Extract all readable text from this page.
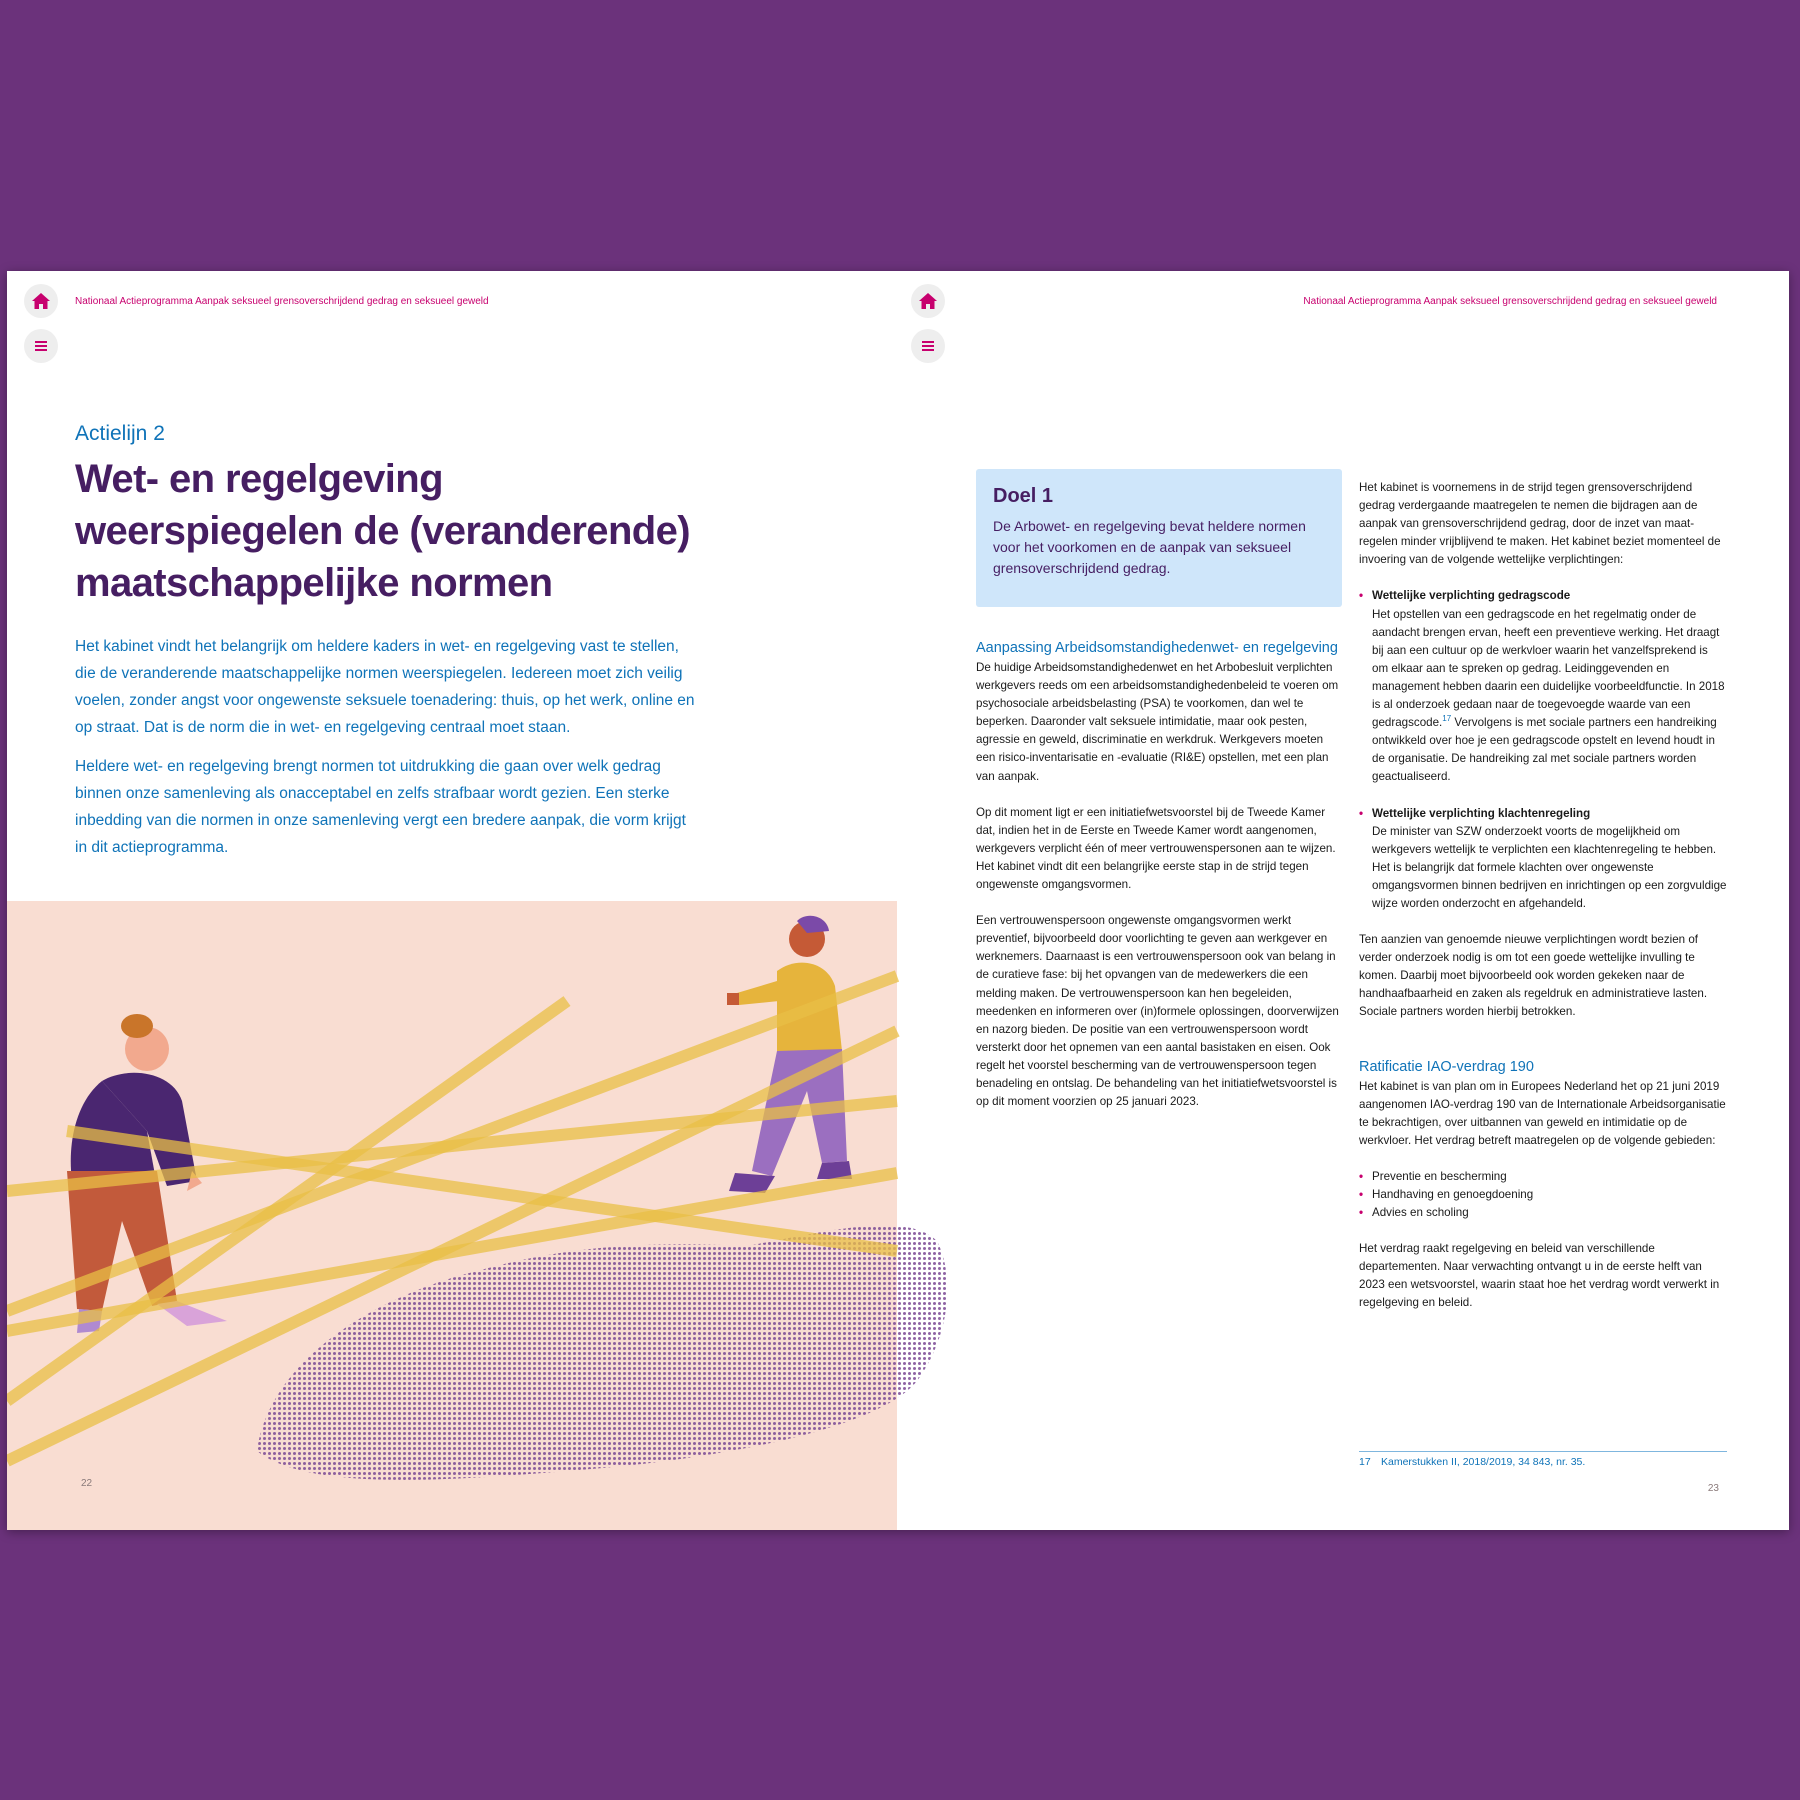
Nationaal Actieprogramma Aanpak seksueel grensoverschrijdend gedrag en seksueel geweld
Actielijn 2
Wet- en regelgeving weerspiegelen de (veranderende) maatschappelijke normen

Het kabinet vindt het belangrijk om heldere kaders in wet- en regelgeving vast te stellen, die de veranderende maatschappelijke normen weerspiegelen. Iedereen moet zich veilig voelen, zonder angst voor ongewenste seksuele toenadering: thuis, op het werk, online en op straat. Dat is de norm die in wet- en regelgeving centraal moet staan.

Heldere wet- en regelgeving brengt normen tot uitdrukking die gaan over welk gedrag binnen onze samenleving als onacceptabel en zelfs strafbaar wordt gezien. Een sterke inbedding van die normen in onze samenleving vergt een bredere aanpak, die vorm krijgt in dit actieprogramma.

22
Nationaal Actieprogramma Aanpak seksueel grensoverschrijdend gedrag en seksueel geweld
Doel 1
De Arbowet- en regelgeving bevat heldere normen voor het voorkomen en de aanpak van seksueel grensoverschrijdend gedrag.
Aanpassing Arbeidsomstandighedenwet- en regelgeving

De huidige Arbeidsomstandighedenwet en het Arbobesluit verplichten werkgevers reeds om een arbeidsomstandighedenbeleid te voeren om psychosociale arbeidsbelasting (PSA) te voorkomen, dan wel te beperken. Daaronder valt seksuele intimidatie, maar ook pesten, agressie en geweld, discriminatie en werkdruk. Werkgevers moeten een risico-inventarisatie en -evaluatie (RI&E) opstellen, met een plan van aanpak.

Op dit moment ligt er een initiatiefwetsvoorstel bij de Tweede Kamer dat, indien het in de Eerste en Tweede Kamer wordt aangenomen, werkgevers verplicht één of meer vertrouwenspersonen aan te wijzen. Het kabinet vindt dit een belangrijke eerste stap in de strijd tegen ongewenste omgangsvormen.

Een vertrouwenspersoon ongewenste omgangsvormen werkt preventief, bijvoorbeeld door voorlichting te geven aan werkgever en werknemers. Daarnaast is een vertrouwenspersoon ook van belang in de curatieve fase: bij het opvangen van de medewerkers die een melding maken. De vertrouwenspersoon kan hen begeleiden, meedenken en informeren over (in)formele oplossingen, doorverwijzen en nazorg bieden. De positie van een vertrouwenspersoon wordt versterkt door het opnemen van een aantal basistaken en eisen. Ook regelt het voorstel bescherming van de vertrouwenspersoon tegen benadeling en ontslag. De behandeling van het initiatiefwetsvoorstel is op dit moment voorzien op 25 januari 2023.

Het kabinet is voornemens in de strijd tegen grensoverschrijdend gedrag verdergaande maatregelen te nemen die bijdragen aan de aanpak van grensoverschrijdend gedrag, door de inzet van maatregelen minder vrijblijvend te maken. Het kabinet beziet momenteel de invoering van de volgende wettelijke verplichtingen:

• Wettelijke verplichting gedragscode
Het opstellen van een gedragscode en het regelmatig onder de aandacht brengen ervan, heeft een preventieve werking. Het draagt bij aan een cultuur op de werkvloer waarin het vanzelfsprekend is om elkaar aan te spreken op gedrag. Leidinggevenden en management hebben daarin een duidelijke voorbeeldfunctie. In 2018 is al onderzoek gedaan naar de toegevoegde waarde van een gedragscode.$^{17}$ Vervolgens is met sociale partners een handreiking ontwikkeld over hoe je een gedragscode opstelt en levend houdt in de organisatie. De handreiking zal met sociale partners worden geactualiseerd.
• Wettelijke verplichting klachtenregeling
De minister van SZW onderzoekt voorts de mogelijkheid om werkgevers wettelijk te verplichten een klachtenregeling te hebben. Het is belangrijk dat formele klachten over ongewenste omgangsvormen binnen bedrijven en inrichtingen op een zorgvuldige wijze worden onderzocht en afgehandeld.

Ten aanzien van genoemde nieuwe verplichtingen wordt bezien of verder onderzoek nodig is om tot een goede wettelijke invulling te komen. Daarbij moet bijvoorbeeld ook worden gekeken naar de handhaafbaarheid en zaken als regeldruk en administratieve lasten. Sociale partners worden hierbij betrokken.

Ratificatie IAO-verdrag 190

Het kabinet is van plan om in Europees Nederland het op 21 juni 2019 aangenomen IAO-verdrag 190 van de Internationale Arbeidsorganisatie te bekrachtigen, over uitbannen van geweld en intimidatie op de werkvloer. Het verdrag betreft maatregelen op de volgende gebieden:

• Preventie en bescherming
• Handhaving en genoegdoening
• Advies en scholing

Het verdrag raakt regelgeving en beleid van verschillende departementen. Naar verwachting ontvangt u in de eerste helft van 2023 een wetsvoorstel, waarin staat hoe het verdrag wordt verwerkt in regelgeving en beleid.

17 Kamerstukken II, 2018/2019, 34 843, nr. 35.
23
